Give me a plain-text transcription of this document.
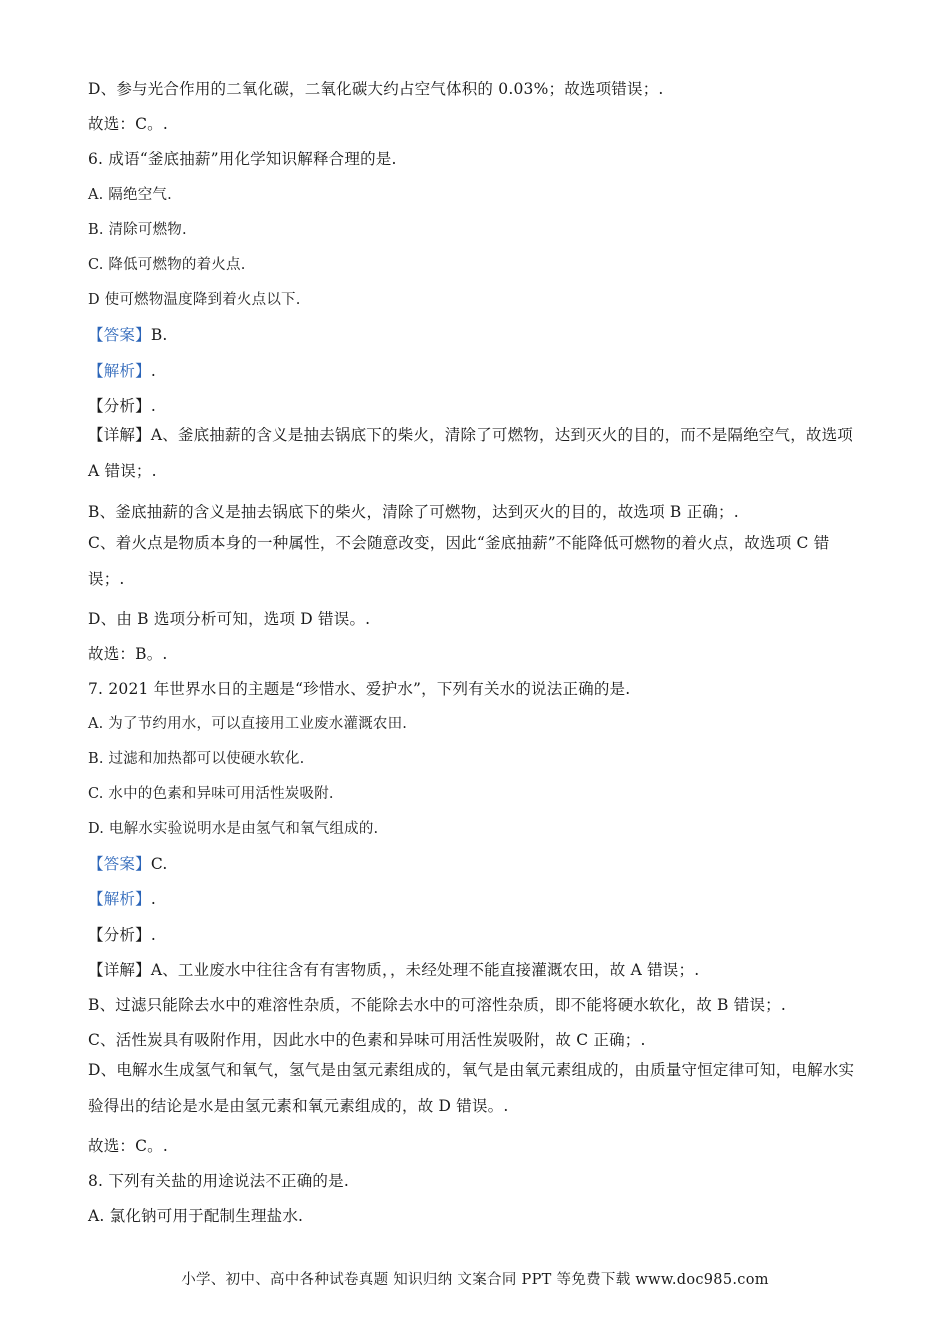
D、参与光合作用的二氧化碳，二氧化碳大约占空气体积的 0.03%；故选项错误；.
故选：C。.
6. 成语“釜底抽薪”用化学知识解释合理的是.
A. 隔绝空气.
B. 清除可燃物.
C. 降低可燃物的着火点.
D 使可燃物温度降到着火点以下.
【答案】B.
【解析】.
【分析】.
【详解】A、釜底抽薪的含义是抽去锅底下的柴火，清除了可燃物，达到灭火的目的，而不是隔绝空气，故选项 A 错误；.
B、釜底抽薪的含义是抽去锅底下的柴火，清除了可燃物，达到灭火的目的，故选项 B 正确；.
C、着火点是物质本身的一种属性，不会随意改变，因此“釜底抽薪”不能降低可燃物的着火点，故选项 C 错误；.
D、由 B 选项分析可知，选项 D 错误。.
故选：B。.
7. 2021 年世界水日的主题是“珍惜水、爱护水”，下列有关水的说法正确的是.
A. 为了节约用水，可以直接用工业废水灌溉农田.
B. 过滤和加热都可以使硬水软化.
C. 水中的色素和异味可用活性炭吸附.
D. 电解水实验说明水是由氢气和氧气组成的.
【答案】C.
【解析】.
【分析】.
【详解】A、工业废水中往往含有有害物质，，未经处理不能直接灌溉农田，故 A 错误；.
B、过滤只能除去水中的难溶性杂质，不能除去水中的可溶性杂质，即不能将硬水软化，故 B 错误；.
C、活性炭具有吸附作用，因此水中的色素和异味可用活性炭吸附，故 C 正确；.
D、电解水生成氢气和氧气，氢气是由氢元素组成的，氧气是由氧元素组成的，由质量守恒定律可知，电解水实验得出的结论是水是由氢元素和氧元素组成的，故 D 错误。.
故选：C。.
8. 下列有关盐的用途说法不正确的是.
A. 氯化钠可用于配制生理盐水.
小学、初中、高中各种试卷真题 知识归纳 文案合同 PPT 等免费下载 www.doc985.com
